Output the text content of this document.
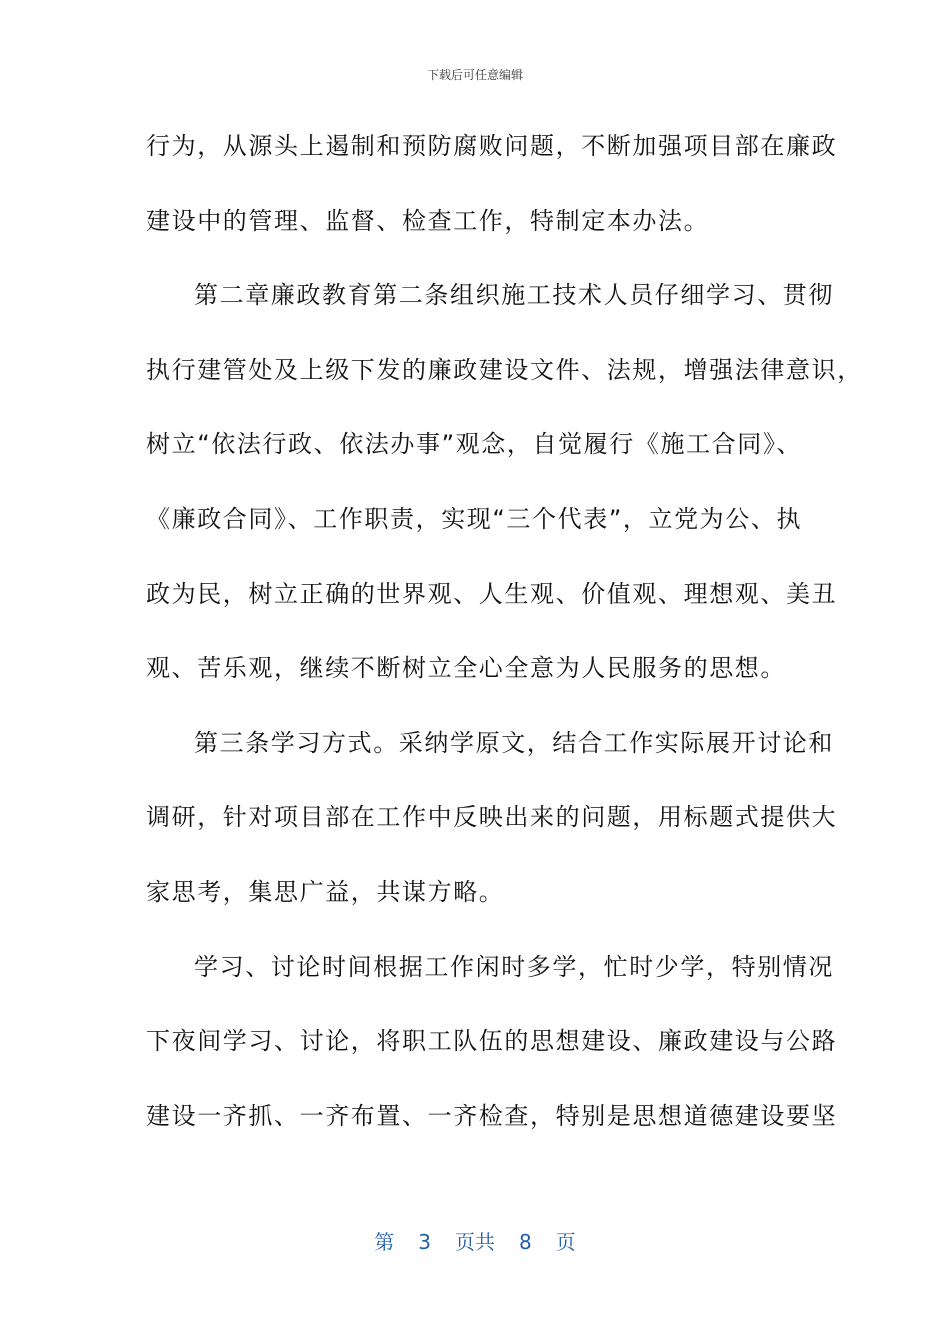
下载后可任意编辑
行为，从源头上遏制和预防腐败问题，不断加强项目部在廉政
建设中的管理、监督、检查工作，特制定本办法。
第二章廉政教育第二条组织施工技术人员仔细学习、贯彻
执行建管处及上级下发的廉政建设文件、法规，增强法律意识，
树立“依法行政、依法办事”观念，自觉履行《施工合同》、
《廉政合同》、工作职责，实现“三个代表”，立党为公、执
政为民，树立正确的世界观、人生观、价值观、理想观、美丑
观、苦乐观，继续不断树立全心全意为人民服务的思想。
第三条学习方式。采纳学原文，结合工作实际展开讨论和
调研，针对项目部在工作中反映出来的问题，用标题式提供大
家思考，集思广益，共谋方略。
学习、讨论时间根据工作闲时多学，忙时少学，特别情况
下夜间学习、讨论，将职工队伍的思想建设、廉政建设与公路
建设一齐抓、一齐布置、一齐检查，特别是思想道德建设要坚
第 3 页共 8 页
